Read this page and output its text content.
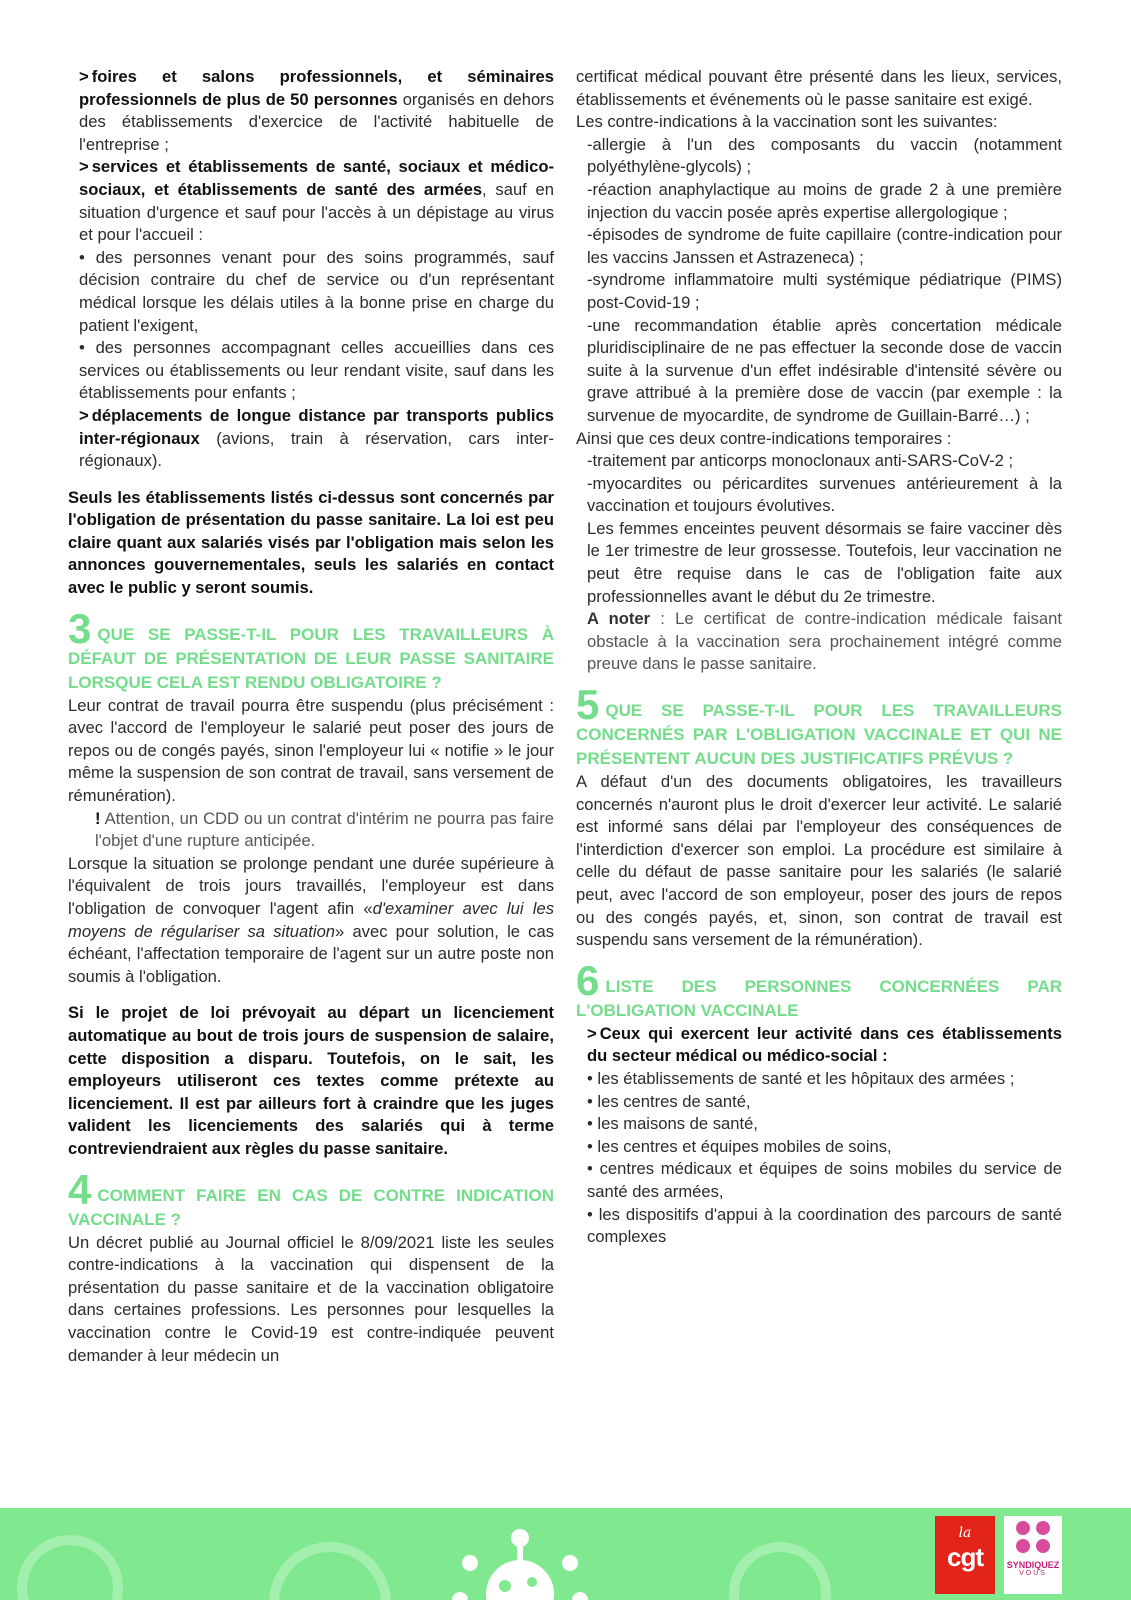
> foires et salons professionnels, et séminaires professionnels de plus de 50 personnes organisés en dehors des établissements d'exercice de l'activité habituelle de l'entreprise ;

> services et établissements de santé, sociaux et médico-sociaux, et établissements de santé des armées, sauf en situation d'urgence et sauf pour l'accès à un dépistage au virus et pour l'accueil :

• des personnes venant pour des soins programmés, sauf décision contraire du chef de service ou d'un représentant médical lorsque les délais utiles à la bonne prise en charge du patient l'exigent,

• des personnes accompagnant celles accueillies dans ces services ou établissements ou leur rendant visite, sauf dans les établissements pour enfants ;

> déplacements de longue distance par transports publics inter-régionaux (avions, train à réservation, cars inter-régionaux).

Seuls les établissements listés ci-dessus sont concernés par l'obligation de présentation du passe sanitaire. La loi est peu claire quant aux salariés visés par l'obligation mais selon les annonces gouvernementales, seuls les salariés en contact avec le public y seront soumis.

3 QUE SE PASSE-T-IL POUR LES TRAVAILLEURS À DÉFAUT DE PRÉSENTATION DE LEUR PASSE SANITAIRE LORSQUE CELA EST RENDU OBLIGATOIRE ?

Leur contrat de travail pourra être suspendu (plus précisément : avec l'accord de l'employeur le salarié peut poser des jours de repos ou de congés payés, sinon l'employeur lui « notifie » le jour même la suspension de son contrat de travail, sans versement de rémunération).

! Attention, un CDD ou un contrat d'intérim ne pourra pas faire l'objet d'une rupture anticipée.

Lorsque la situation se prolonge pendant une durée supérieure à l'équivalent de trois jours travaillés, l'employeur est dans l'obligation de convoquer l'agent afin «d'examiner avec lui les moyens de régulariser sa situation» avec pour solution, le cas échéant, l'affectation temporaire de l'agent sur un autre poste non soumis à l'obligation.

Si le projet de loi prévoyait au départ un licenciement automatique au bout de trois jours de suspension de salaire, cette disposition a disparu. Toutefois, on le sait, les employeurs utiliseront ces textes comme prétexte au licenciement. Il est par ailleurs fort à craindre que les juges valident les licenciements des salariés qui à terme contreviendraient aux règles du passe sanitaire.

4 COMMENT FAIRE EN CAS DE CONTRE INDICATION VACCINALE ?

Un décret publié au Journal officiel le 8/09/2021 liste les seules contre-indications à la vaccination qui dispensent de la présentation du passe sanitaire et de la vaccination obligatoire dans certaines professions. Les personnes pour lesquelles la vaccination contre le Covid-19 est contre-indiquée peuvent demander à leur médecin un

certificat médical pouvant être présenté dans les lieux, services, établissements et événements où le passe sanitaire est exigé.

Les contre-indications à la vaccination sont les suivantes:

-allergie à l'un des composants du vaccin (notamment polyéthylène-glycols) ;

-réaction anaphylactique au moins de grade 2 à une première injection du vaccin posée après expertise allergologique ;

-épisodes de syndrome de fuite capillaire (contre-indication pour les vaccins Janssen et Astrazeneca) ;

-syndrome inflammatoire multi systémique pédiatrique (PIMS) post-Covid-19 ;

-une recommandation établie après concertation médicale pluridisciplinaire de ne pas effectuer la seconde dose de vaccin suite à la survenue d'un effet indésirable d'intensité sévère ou grave attribué à la première dose de vaccin (par exemple : la survenue de myocardite, de syndrome de Guillain-Barré…) ;

Ainsi que ces deux contre-indications temporaires :

-traitement par anticorps monoclonaux anti-SARS-CoV-2 ;

-myocardites ou péricardites survenues antérieurement à la vaccination et toujours évolutives.

Les femmes enceintes peuvent désormais se faire vacciner dès le 1er trimestre de leur grossesse. Toutefois, leur vaccination ne peut être requise dans le cas de l'obligation faite aux professionnelles avant le début du 2e trimestre.

A noter : Le certificat de contre-indication médicale faisant obstacle à la vaccination sera prochainement intégré comme preuve dans le passe sanitaire.

5 QUE SE PASSE-T-IL POUR LES TRAVAILLEURS CONCERNÉS PAR L'OBLIGATION VACCINALE ET QUI NE PRÉSENTENT AUCUN DES JUSTIFICATIFS PRÉVUS ?

A défaut d'un des documents obligatoires, les travailleurs concernés n'auront plus le droit d'exercer leur activité. Le salarié est informé sans délai par l'employeur des conséquences de l'interdiction d'exercer son emploi. La procédure est similaire à celle du défaut de passe sanitaire pour les salariés (le salarié peut, avec l'accord de son employeur, poser des jours de repos ou des congés payés, et, sinon, son contrat de travail est suspendu sans versement de la rémunération).

6 LISTE DES PERSONNES CONCERNÉES PAR L'OBLIGATION VACCINALE

> Ceux qui exercent leur activité dans ces établissements du secteur médical ou médico-social :

• les établissements de santé et les hôpitaux des armées ;

• les centres de santé,

• les maisons de santé,

• les centres et équipes mobiles de soins,

• centres médicaux et équipes de soins mobiles du service de santé des armées,

• les dispositifs d'appui à la coordination des parcours de santé complexes

la
cgt	SYNDIQUEZ
VOUS
